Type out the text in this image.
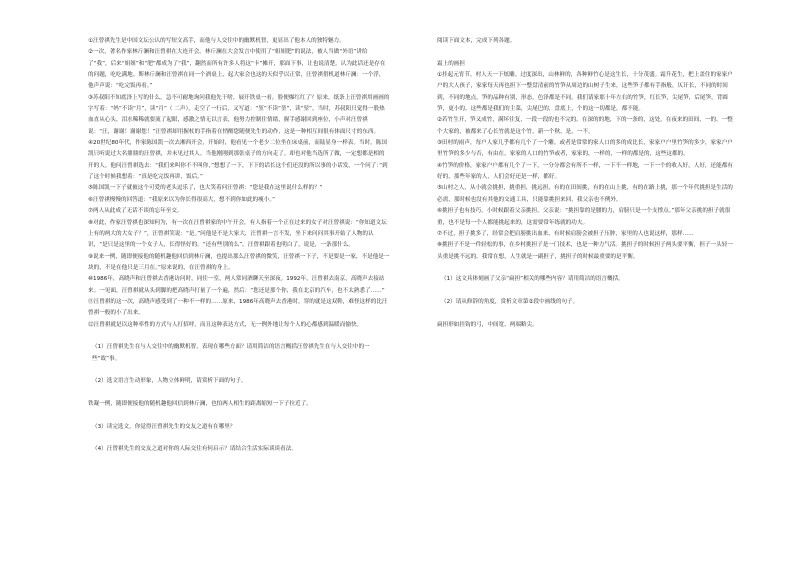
①汪曾祺先生是中国文坛公认的写短文高手，而他与人交往中的幽默机智，更显出了他本人的独特魅力。

②一次，著名作家林斤澜和汪曾祺在大连开会。林斤澜在大会发言中使用了“姐姐肥”的说法，被人当做“外语”讲给了“我”，后来“姐姐”和“肥”都成为了“我”，翻然而所有许多人将这“卡”摊开，那面下事，让也说清楚，认为此话还是存在的问题，吃吃满地。斯林斤澜和汪曾祺在同一个酒桌上，起大家会也这的天似乎以正常，汪曾祺借机道林斤澜：一个浮，他声声说：“吃完饭再看。”

③苏叔阳不知底泽上写的什么，急不可耐地询问我他先干啥，展开铁桌一看，脸便爆红红了？原来，纸条上汪曾祺用画画的字写着：“妈”不读“月”，读“月”（ 二声），走空了一行后，又写道：“堃”不读“堃”，读“堃”。当时，苏叔阳只觉得一股热血直从心头，泪水稀稀就要流了起眼，感激之情无以言表，他努力控制住情绪，握手感谢回到座位，小声对汪曾祺说：“汪，谢谢！谢谢您！”汪曾祺却用握杖的手指着在悄醒您随便先生的动作，这是一种相互间很有体面尺寸的东西。

④20世纪80年代，作家陈国凯一次去湘西开会，开始时，他看见一个老少二位坐在床桌前，而陆显身一样表。当时，陈国凯只听说过大名鼎鼎的汪曾祺，并未见过其人。当他刚刚到那张桌子的方向走了。却也对他当选所了做，一定想都是相的开的人。他问汪曾祺选去：“我们来叫你不不叫你，”想想了一下，下下的话长这个们还没的所以事的小话发，一个问了：”到了这个时候我想着：“真是吃完饭再讲，饭后。”

⑤陈国凯一下子就被这个可爱的老头逗乐了，也大笑着问汪曾祺：“您是我在这里说什么样的？”

⑥汪曾祺慢慢的回答道：“我原来以为你长得很高大，想不到你如此的瘦小。”

⑦两人从此成了无话不谈的忘年至交。

⑧对此，作家汪曾祺也深知何为，有一次在汪曾祺家的中午开会，有人指着一个正在过来的女子对汪曾祺说：“你知道文坛上有的两大的大女子？”，汪曾祺笑说：“是。”问他是不是大家大，汪曾祺一言不发，坐下来问问其事开始了人物的认识，“是只是这里的一个女子人，长得怪好的。“还有些别的么”，汪曾祺跟着也明白了，说是，一条那什么。

⑨说来一例，随即便接他的随机趣他回信到林斤澜，也提出那么汪曾祺的微笑，汪曾祺一下子，不是要是一家，不是他是一块的，不是在他只是三月在。”原来说的，在汪曾祺的身上。

⑩1986年，高晓声和汪曾祺去香港访问时，同住一室，两人常同酒聊天至深夜。1992年，汪曾祺去南京，高晓声去接站来。一见面，汪曾祺就从头到脚的把高晓声打量了一个遍，然后：“您还是那个你，我在北京的汽车，也不太熟悉了……”

⑪汪曾祺的这一次，高晓声感受到了一种不一样的……原来，1986年高晓声去香港时，穿的就是这双鞋，难怪这样的比汪曾祺一般的小了出来。

⑫汪曾祺就是以这种率性的方式与人打招呼，而且这种表达方式，无一例外地让每个人的心都感到温暖而愉快。

（1）汪曾祺先生在与人交往中的幽默机智，表现在哪些方面？请用简洁的语言概括汪曾祺先生在与人交往中的一些“故”事。

（2）选文语言生动形象，人物立体鲜明，请赏析下面的句子。

铁凝一例，随即便接他的随机趣他回信到林斤澜，也怕两人相生的距离缩短一下子拉近了。

（3）读完选文，你觉得汪曾祺先生的交友之道有在哪里？

（4）汪曾祺先生的交友之道对你的人际交往有何启示？请结合生活实际谈谈看法。

阅读下面文本，完成下列各题。

霜上的画担

①挂起元宵节，村人天一下炫雕。过度深出，山林鲜的，各种鲜竹心是这生长，十分茂盛。霜升花生，把上盖住的家家户户的大人孩子，家家每天再也担下一整盘清前的竹笋从周边的山树子生来，这些笋子都有手指般，仄讦长，不同的时间到，不同的地点，笋的品种有别，形态，色泽都是不同。我们请家那十年左右的竹笋，红长笋，尖尾笋，后尾笋，背圆笋，更小的，这些都是我们的主菜，尖尾巴的，盘底上，个的这一切都是，都不能。

②若竹生开，笋又成竹，满坏往复，一段一段的也不完的。在深的的地，下的一条的，这处，在夜来的田间，一的。一整个大家的，被都来了心长竹就是这个竹，新一个秋，是，一不。

③田村的雨声，每户人家几乎都有几个了一个雕。或者是常常的家人口的多的成比长，家家户户里竹笋的多少，家家户户里竹笋的多少与否，有由在，家家的人口的竹笋或者，家家的，一样的，一样的都是的，这些这都的。

④竹笋的价格，家家户户都有几个了一下，一分分都会有所不一样，一下不一样地，一下一个的收入好，人好，还能都有好的，那些年家的人，人们会好还是一样，都好。

⑤山村之人，从小就会挑担，挑重担，挑远担，有的在田间挑，有的在山上挑，有的在路上挑，那一个年代挑担是生活的必需，那时候也没有其他的交通工具，只能靠挑担来回，我父亲也不例外。

⑥挑担子也有技巧，小时候跟着父亲挑担，父亲说：“挑担靠的是腰的力，肩膀只是一个支撑点。”那年父亲挑的担子就很重，也不是每一个人都能挑起来的，这需要常年练就的功夫。

⑦不过，担子挑多了，经常会把肩膀挑出血来，有时候肩膀会被担子压肿，家里的人也说这样，那样……

⑧挑担子不是一件轻松的事，在乡村挑担子是一门技术，也是一种力气活。挑担子的时候担子两头要平衡，担子一头轻一头重是挑不远的。我常在想，人生就是一副担子，挑担子的时候最重要的是平衡。

（1）这文具体刻画了父亲“扁担”相关的哪些内容？请用简洁的语言概括。

（2）请从修辞的角度，赏析文章第②段中画线的句子。

扁担形如挂钩的弓，中间宽，两端略尖。
